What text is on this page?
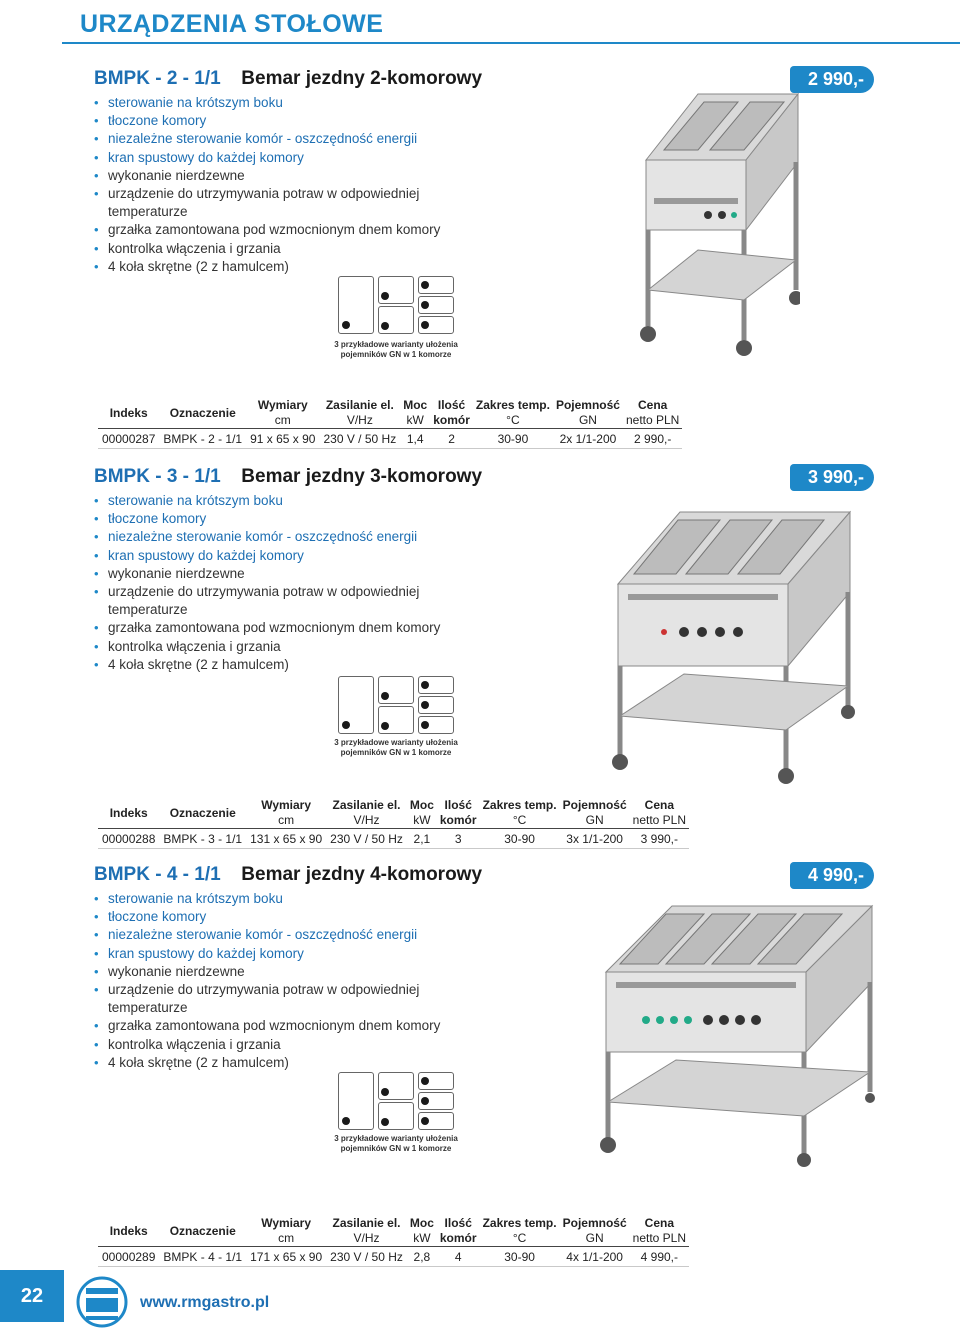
URZĄDZENIA STOŁOWE
BMPK - 2 - 1/1 Bemar jezdny 2-komorowy	2 990,-
• sterowanie na krótszym boku
• tłoczone komory
• niezależne sterowanie komór - oszczędność energii
• kran spustowy do każdej komory
• wykonanie nierdzewne
• urządzenie do utrzymywania potraw w odpowiedniej
temperaturze
• grzałka zamontowana pod wzmocnionym dnem komory
• kontrolka włączenia i grzania
• 4 koła skrętne (2 z hamulcem)
3 przykładowe warianty ułożenia
pojemników GN w 1 komorze
Indeks	Oznaczenie	Wymiary	Zasilanie el.	Moc	Ilość	Zakres temp.	Pojemność	Cena
		cm	V/Hz	kW	komór	°C	GN	netto PLN
00000287	BMPK - 2 - 1/1	91 x 65 x 90	230 V / 50 Hz	1,4	2	30-90	2x 1/1-200	2 990,-
BMPK - 3 - 1/1 Bemar jezdny 3-komorowy	3 990,-
• sterowanie na krótszym boku
• tłoczone komory
• niezależne sterowanie komór - oszczędność energii
• kran spustowy do każdej komory
• wykonanie nierdzewne
• urządzenie do utrzymywania potraw w odpowiedniej
temperaturze
• grzałka zamontowana pod wzmocnionym dnem komory
• kontrolka włączenia i grzania
• 4 koła skrętne (2 z hamulcem)
3 przykładowe warianty ułożenia
pojemników GN w 1 komorze
Indeks	Oznaczenie	Wymiary	Zasilanie el.	Moc	Ilość	Zakres temp.	Pojemność	Cena
		cm	V/Hz	kW	komór	°C	GN	netto PLN
00000288	BMPK - 3 - 1/1	131 x 65 x 90	230 V / 50 Hz	2,1	3	30-90	3x 1/1-200	3 990,-
BMPK - 4 - 1/1 Bemar jezdny 4-komorowy	4 990,-
• sterowanie na krótszym boku
• tłoczone komory
• niezależne sterowanie komór - oszczędność energii
• kran spustowy do każdej komory
• wykonanie nierdzewne
• urządzenie do utrzymywania potraw w odpowiedniej
temperaturze
• grzałka zamontowana pod wzmocnionym dnem komory
• kontrolka włączenia i grzania
• 4 koła skrętne (2 z hamulcem)
3 przykładowe warianty ułożenia
pojemników GN w 1 komorze
Indeks	Oznaczenie	Wymiary	Zasilanie el.	Moc	Ilość	Zakres temp.	Pojemność	Cena
		cm	V/Hz	kW	komór	°C	GN	netto PLN
00000289	BMPK - 4 - 1/1	171 x 65 x 90	230 V / 50 Hz	2,8	4	30-90	4x 1/1-200	4 990,-
22	www.rmgastro.pl
